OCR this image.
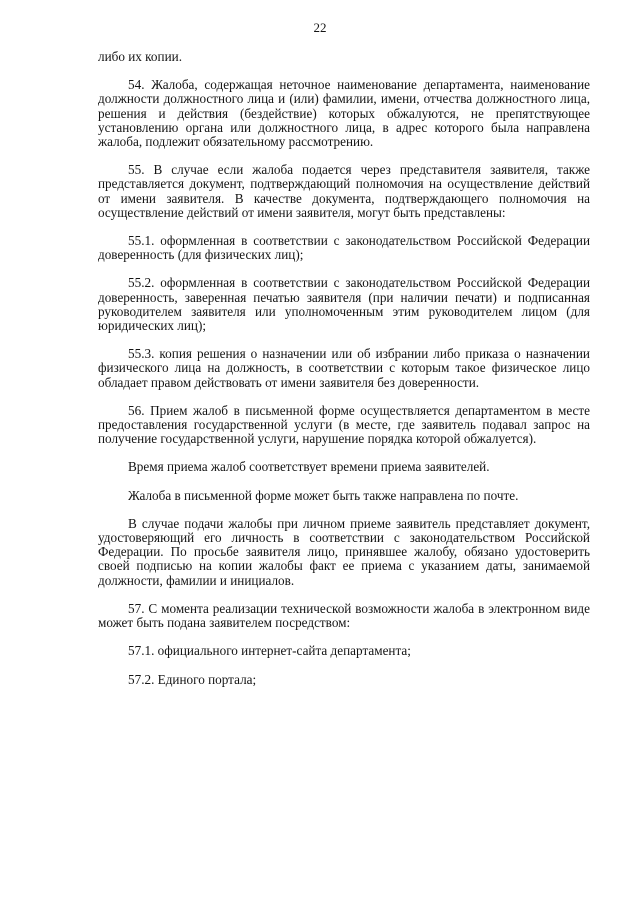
22

либо их копии.

54. Жалоба, содержащая неточное наименование департамента, наименование должности должностного лица и (или) фамилии, имени, отчества должностного лица, решения и действия (бездействие) которых обжалуются, не препятствующее установлению органа или должностного лица, в адрес которого была направлена жалоба, подлежит обязательному рассмотрению.

55. В случае если жалоба подается через представителя заявителя, также представляется документ, подтверждающий полномочия на осуществление действий от имени заявителя. В качестве документа, подтверждающего полномочия на осуществление действий от имени заявителя, могут быть представлены:

55.1. оформленная в соответствии с законодательством Российской Федерации доверенность (для физических лиц);

55.2. оформленная в соответствии с законодательством Российской Федерации доверенность, заверенная печатью заявителя (при наличии печати) и подписанная руководителем заявителя или уполномоченным этим руководителем лицом (для юридических лиц);

55.3. копия решения о назначении или об избрании либо приказа о назначении физического лица на должность, в соответствии с которым такое физическое лицо обладает правом действовать от имени заявителя без доверенности.

56. Прием жалоб в письменной форме осуществляется департаментом в месте предоставления государственной услуги (в месте, где заявитель подавал запрос на получение государственной услуги, нарушение порядка которой обжалуется).

Время приема жалоб соответствует времени приема заявителей.

Жалоба в письменной форме может быть также направлена по почте.

В случае подачи жалобы при личном приеме заявитель представляет документ, удостоверяющий его личность в соответствии с законодательством Российской Федерации. По просьбе заявителя лицо, принявшее жалобу, обязано удостоверить своей подписью на копии жалобы факт ее приема с указанием даты, занимаемой должности, фамилии и инициалов.

57. С момента реализации технической возможности жалоба в электронном виде может быть подана заявителем посредством:

57.1. официального интернет-сайта департамента;

57.2. Единого портала;
